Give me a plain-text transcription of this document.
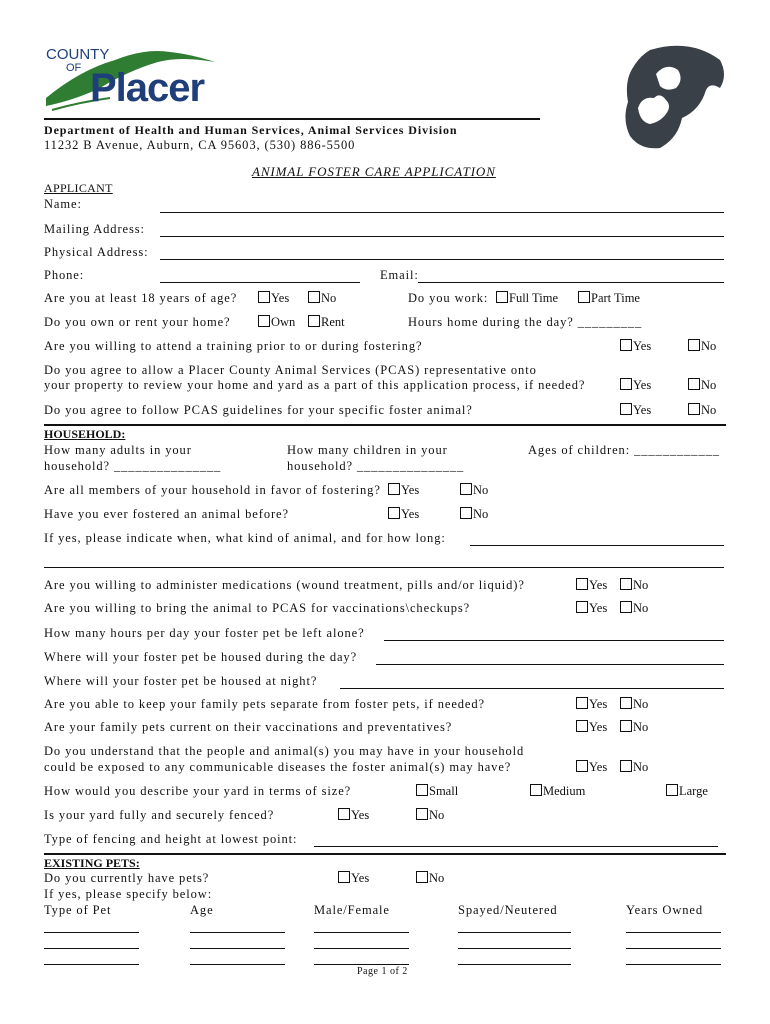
COUNTY
OF Placer
Department of Health and Human Services, Animal Services Division
11232 B Avenue, Auburn, CA 95603, (530) 886-5500
ANIMAL FOSTER CARE APPLICATION
APPLICANT
Name:
Mailing Address:
Physical Address:
Phone:	Email:
Are you at least 18 years of age?	Yes	No	Do you work:	Full Time	Part Time
Do you own or rent your home?	Own	Rent	Hours home during the day? _________
Are you willing to attend a training prior to or during fostering?	Yes	No
Do you agree to allow a Placer County Animal Services (PCAS) representative onto
your property to review your home and yard as a part of this application process, if needed?	Yes	No
Do you agree to follow PCAS guidelines for your specific foster animal?	Yes	No
HOUSEHOLD:
How many adults in your
household? _______________
How many children in your
household? _______________
Ages of children: ____________
Are all members of your household in favor of fostering?	Yes	No
Have you ever fostered an animal before?	Yes	No
If yes, please indicate when, what kind of animal, and for how long:
Are you willing to administer medications (wound treatment, pills and/or liquid)?	Yes	No
Are you willing to bring the animal to PCAS for vaccinations\checkups?	Yes	No
How many hours per day your foster pet be left alone?
Where will your foster pet be housed during the day?
Where will your foster pet be housed at night?
Are you able to keep your family pets separate from foster pets, if needed?	Yes	No
Are your family pets current on their vaccinations and preventatives?	Yes	No
Do you understand that the people and animal(s) you may have in your household
could be exposed to any communicable diseases the foster animal(s) may have?	Yes	No
How would you describe your yard in terms of size?	Small	Medium	Large
Is your yard fully and securely fenced?	Yes	No
Type of fencing and height at lowest point:
EXISTING PETS:
Do you currently have pets?	Yes	No
If yes, please specify below:
Type of Pet	Age	Male/Female	Spayed/Neutered	Years Owned
Page 1 of 2
